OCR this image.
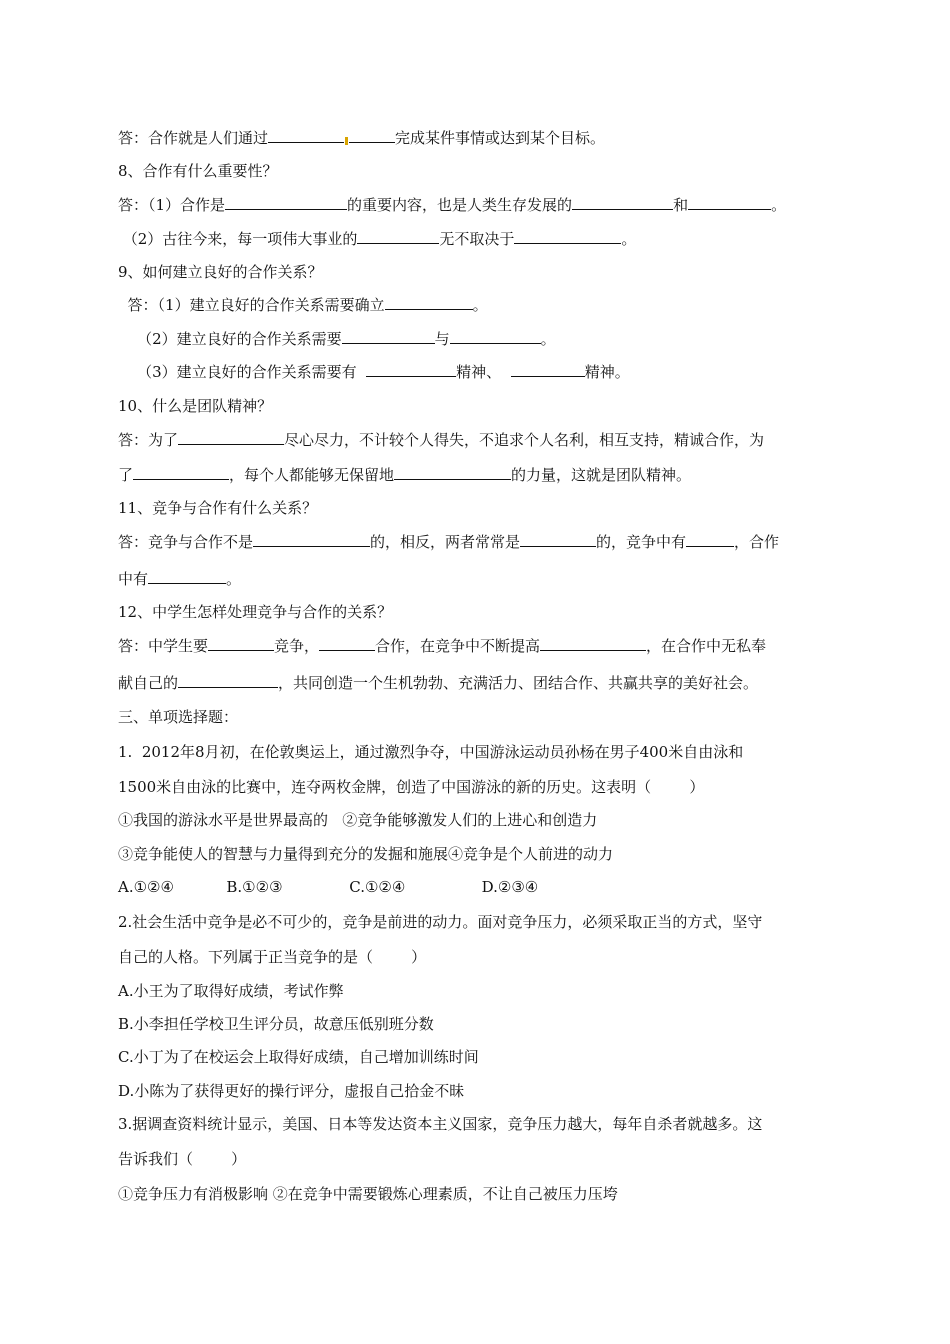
答：合作就是人们通过	完成某件事情或达到某个目标。
8、合作有什么重要性？
答：（1）合作是	的重要内容，也是人类生存发展的	和	。
（2）古往今来，每一项伟大事业的	无不取决于	。
9、如何建立良好的合作关系？
答：（1）建立良好的合作关系需要确立	。
（2）建立良好的合作关系需要	与	。
（3）建立良好的合作关系需要有	精神、	精神。
10、什么是团队精神？
答：为了	尽心尽力，不计较个人得失，不追求个人名利，相互支持，精诚合作，为
了	，每个人都能够无保留地	的力量，这就是团队精神。
11、竞争与合作有什么关系？
答：竞争与合作不是	的，相反，两者常常是	的，竞争中有	，合作
中有	。
12、中学生怎样处理竞争与合作的关系？
答：中学生要	竞争，	合作，在竞争中不断提高	，在合作中无私奉
献自己的	，共同创造一个生机勃勃、充满活力、团结合作、共赢共享的美好社会。
三、单项选择题：
1.  2012年8月初，在伦敦奥运上，通过激烈争夺，中国游泳运动员孙杨在男子400米自由泳和
1500米自由泳的比赛中，连夺两枚金牌，创造了中国游泳的新的历史。这表明（        ）
①我国的游泳水平是世界最高的   ②竞争能够激发人们的上进心和创造力
③竞争能使人的智慧与力量得到充分的发掘和施展④竞争是个人前进的动力
A.①②④           B.①②③              C.①②④                D.②③④
2.社会生活中竞争是必不可少的，竞争是前进的动力。面对竞争压力，必须采取正当的方式，坚守
自己的人格。下列属于正当竞争的是（        ）
A.小王为了取得好成绩，考试作弊
B.小李担任学校卫生评分员，故意压低别班分数
C.小丁为了在校运会上取得好成绩，自己增加训练时间
D.小陈为了获得更好的操行评分，虚报自己拾金不昧
3.据调查资料统计显示，美国、日本等发达资本主义国家，竞争压力越大，每年自杀者就越多。这
告诉我们（        ）
①竞争压力有消极影响 ②在竞争中需要锻炼心理素质，不让自己被压力压垮
